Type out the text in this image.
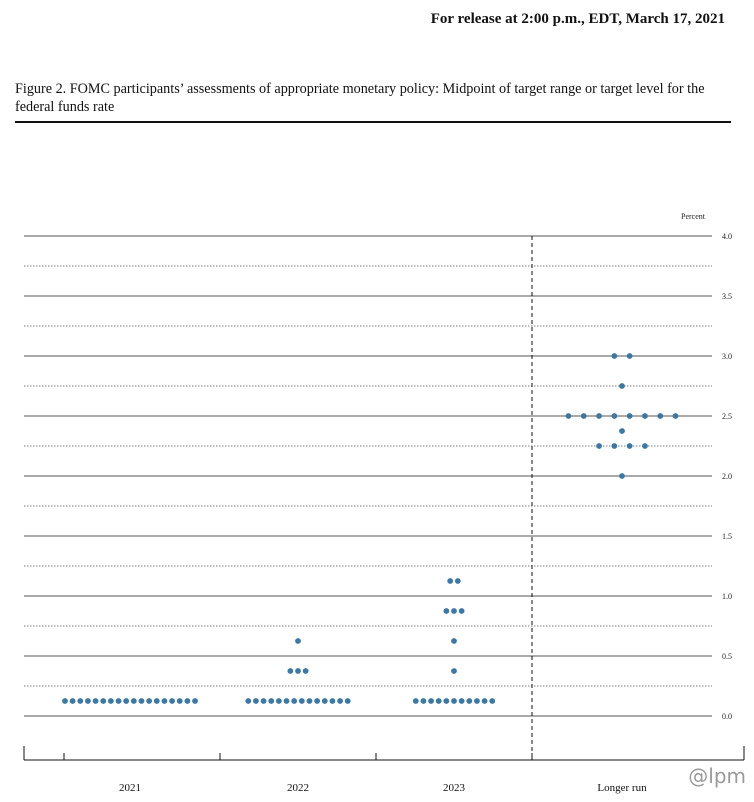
For release at 2:00 p.m., EDT, March 17, 2021
Figure 2. FOMC participants’ assessments of appropriate monetary policy: Midpoint of target range or target level for the federal funds rate
4.0
3.5
3.0
2.5
2.0
1.5
1.0
0.5
0.0
Percent
2021	2022	2023	Longer run @lpm
